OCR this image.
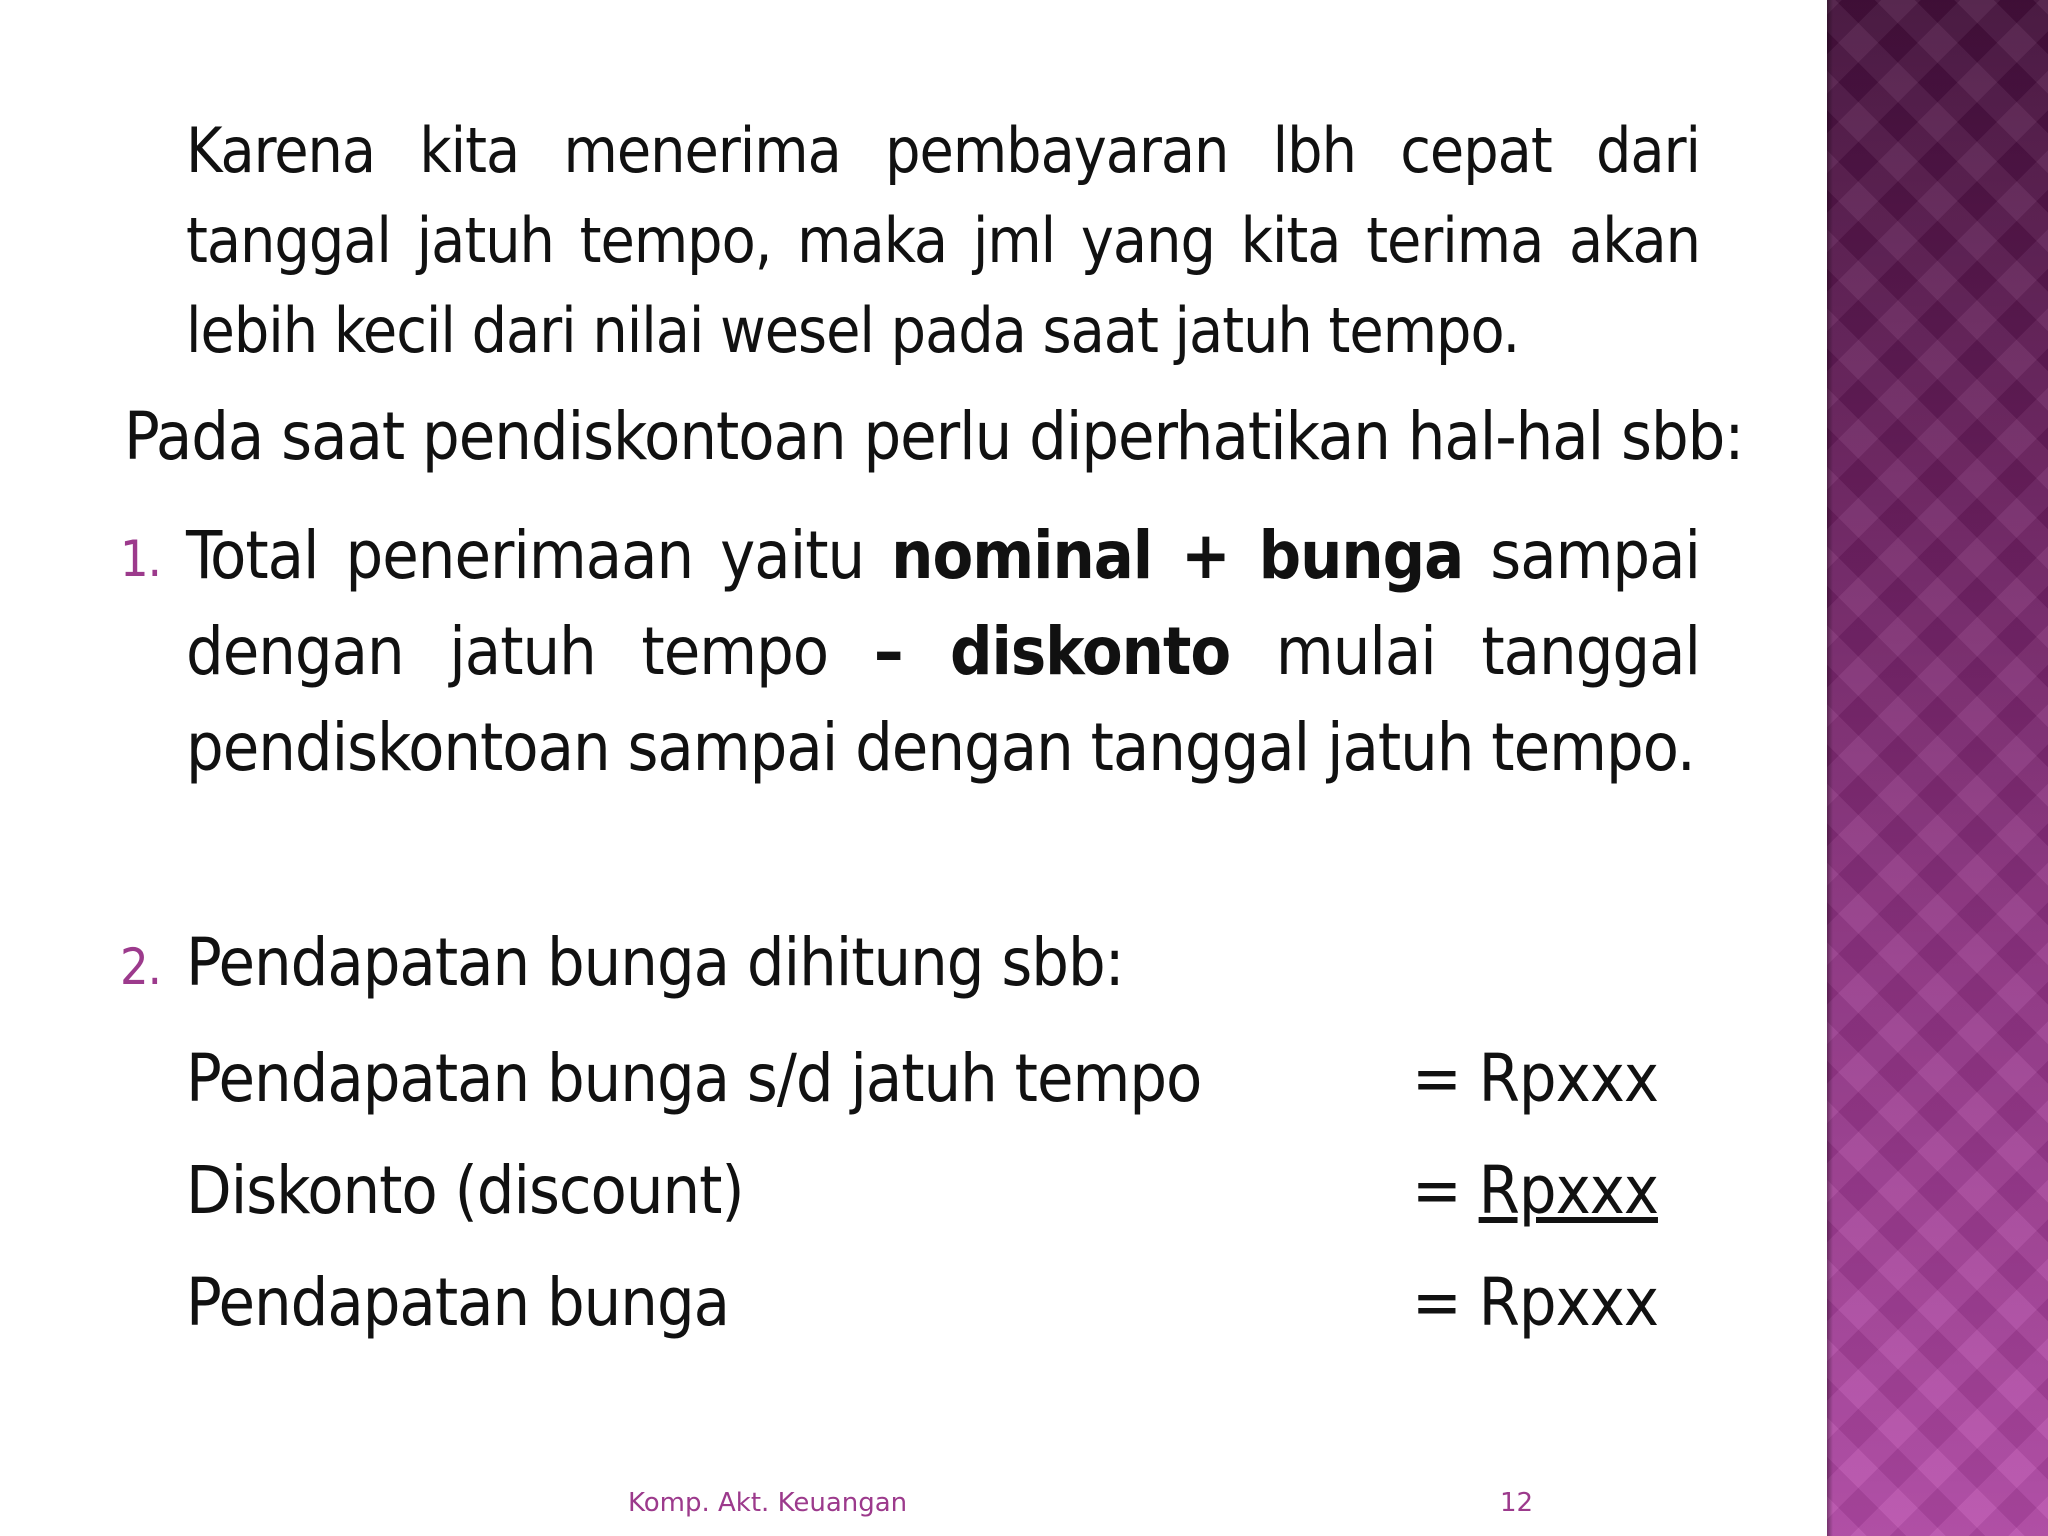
Karena kita menerima pembayaran lbh cepat dari tanggal jatuh tempo, maka jml yang kita terima akan lebih kecil dari nilai wesel pada saat jatuh tempo.
Pada saat pendiskontoan perlu diperhatikan hal-hal sbb:
1. Total penerimaan yaitu nominal + bunga sampai dengan jatuh tempo – diskonto mulai tanggal pendiskontoan sampai dengan tanggal jatuh tempo.
2. Pendapatan bunga dihitung sbb:
Pendapatan bunga s/d jatuh tempo	= Rpxxx
Diskonto (discount)	= Rpxxx
Pendapatan bunga	= Rpxxx
Komp. Akt. Keuangan	12
